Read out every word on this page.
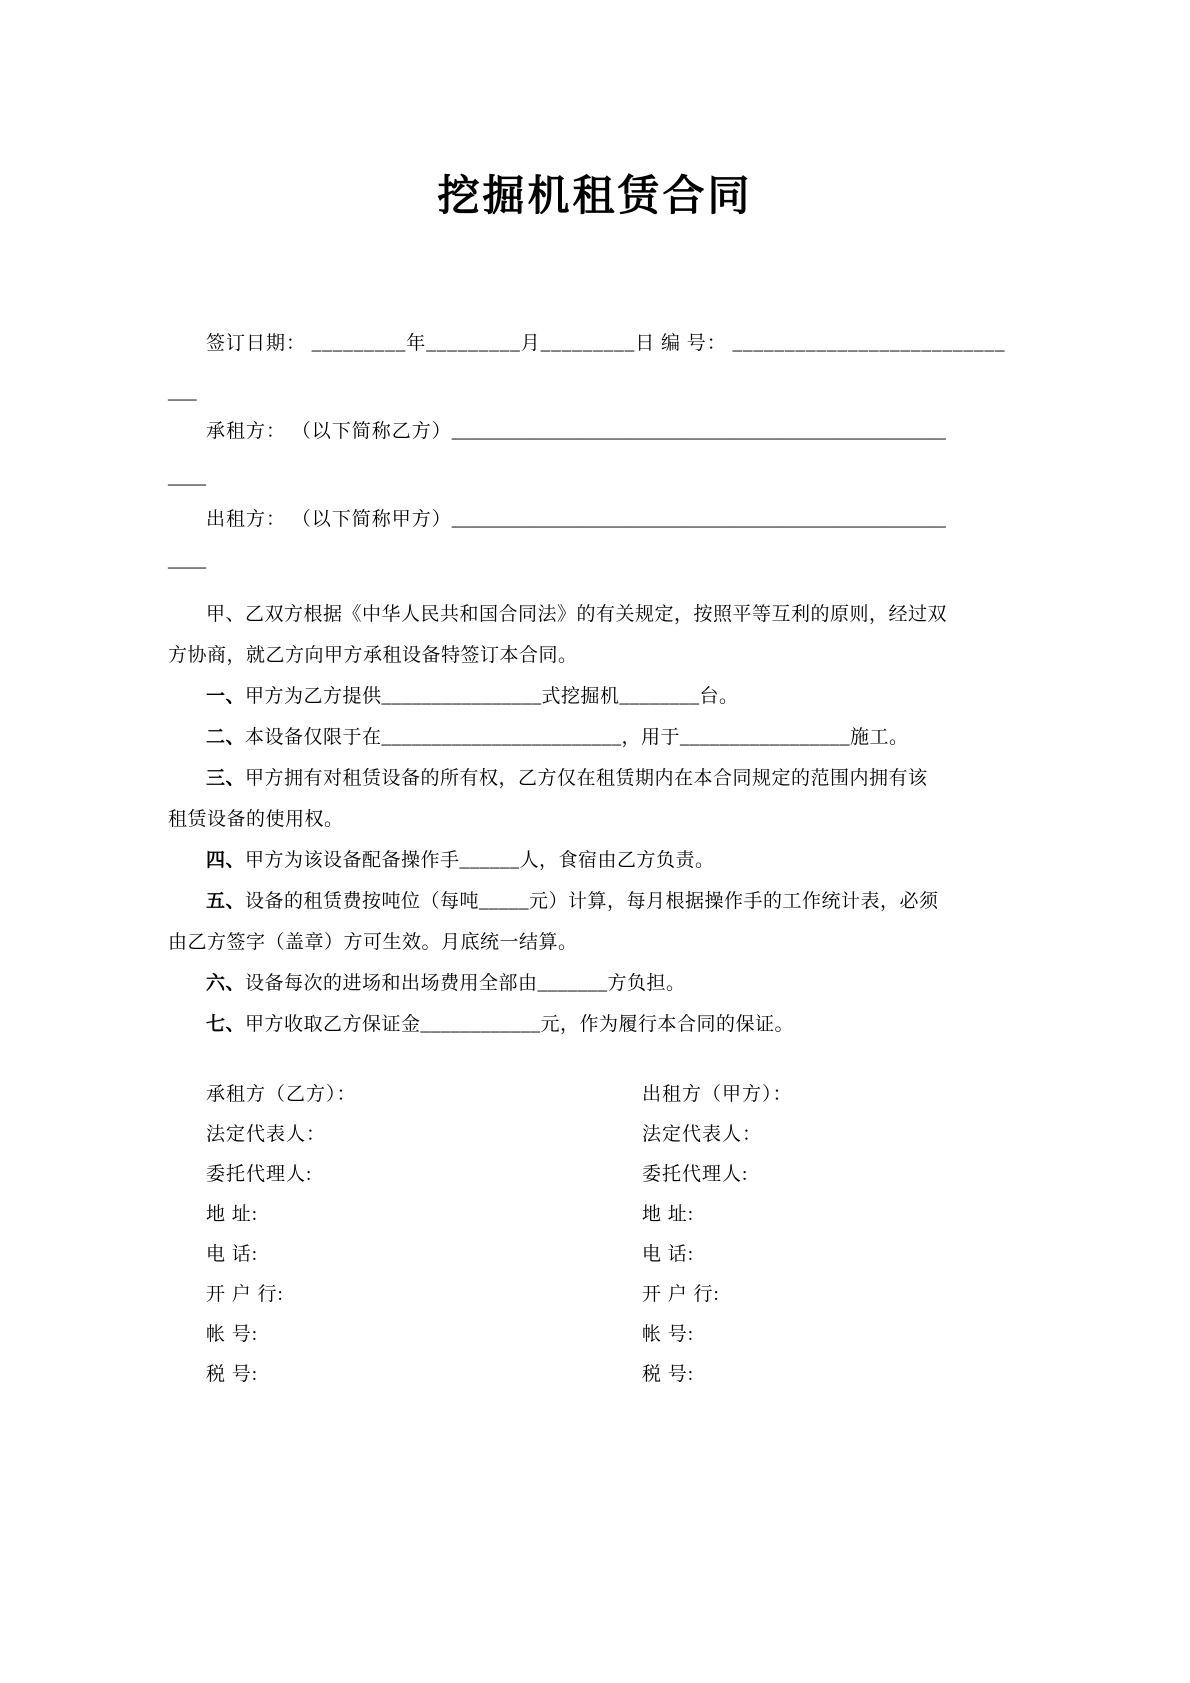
挖掘机租赁合同

签订日期： _________年_________月_________日 编 号： __________________________

承租方： （以下简称乙方）____________________________________________________

出租方： （以下简称甲方）____________________________________________________

甲、乙双方根据《中华人民共和国合同法》的有关规定，按照平等互利的原则，经过双

方协商，就乙方向甲方承租设备特签订本合同。

一、甲方为乙方提供________________式挖掘机________台。

二、本设备仅限于在________________________，用于_________________施工。

三、甲方拥有对租赁设备的所有权，乙方仅在租赁期内在本合同规定的范围内拥有该

租赁设备的使用权。

四、甲方为该设备配备操作手______人，食宿由乙方负责。

五、设备的租赁费按吨位（每吨_____元）计算，每月根据操作手的工作统计表，必须

由乙方签字（盖章）方可生效。月底统一结算。

六、设备每次的进场和出场费用全部由_______方负担。

七、甲方收取乙方保证金____________元，作为履行本合同的保证。

承租方（乙方）：	出租方（甲方）：
法定代表人：	法定代表人：
委托代理人:	委托代理人:
地 址:	地 址:
电 话:	电 话:
开 户 行:	开 户 行:
帐 号:	帐 号:
税 号:	税 号:
___
____
____
